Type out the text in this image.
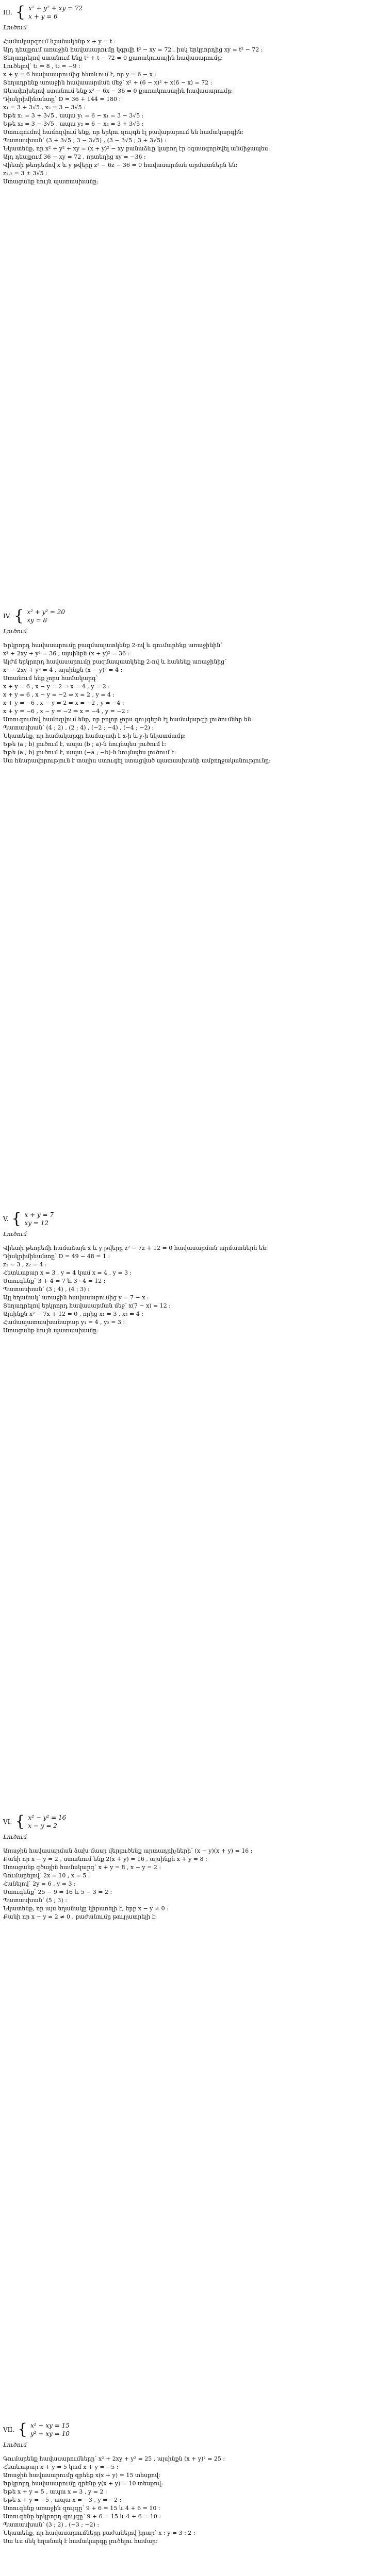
III. { x² + y² + xy = 72
x + y = 6

Լուծում

Համակարգում նշանակենք x + y = t ։

Այդ դեպքում առաջին հավասարումը կգրվի t² − xy = 72 , իսկ երկրորդից xy = t² − 72 ։

Տեղադրելով ստանում ենք t² + t − 72 = 0 քառակուսային հավասարումը։

Լուծելով՝ t₁ = 8 , t₂ = −9 ։

x + y = 6 հավասարումից հետևում է, որ y = 6 − x ։

Տեղադրենք առաջին հավասարման մեջ՝ x² + (6 − x)² + x(6 − x) = 72 ։

Ձևափոխելով ստանում ենք x² − 6x − 36 = 0 քառակուսային հավասարումը։

Դիսկրիմինանտը՝ D = 36 + 144 = 180 ։

x₁ = 3 + 3√5 , x₂ = 3 − 3√5 ։

Եթե x₁ = 3 + 3√5 , ապա y₁ = 6 − x₁ = 3 − 3√5 ։

Եթե x₂ = 3 − 3√5 , ապա y₂ = 6 − x₂ = 3 + 3√5 ։

Ստուգումով համոզվում ենք, որ երկու զույգն էլ բավարարում են համակարգին։

Պատասխան՝ (3 + 3√5 ; 3 − 3√5) , (3 − 3√5 ; 3 + 3√5) ։

Նկատենք, որ x² + y² + xy = (x + y)² − xy բանաձևը կարող էր օգտագործվել անմիջապես։

Այդ դեպքում 36 − xy = 72 , որտեղից xy = −36 ։

Վիետի թեորեմով x և y թվերը z² − 6z − 36 = 0 հավասարման արմատներն են։

z₁,₂ = 3 ± 3√5 ։

Ստացանք նույն պատասխանը։

IV. { x² + y² = 20
xy = 8

Լուծում

Երկրորդ հավասարումը բազմապատկենք 2-ով և գումարենք առաջինին՝

x² + 2xy + y² = 36 , այսինքն (x + y)² = 36 ։

Այժմ երկրորդ հավասարումը բազմապատկենք 2-ով և հանենք առաջինից՝

x² − 2xy + y² = 4 , այսինքն (x − y)² = 4 ։

Ստանում ենք չորս համակարգ՝

x + y = 6 , x − y = 2 ⇒ x = 4 , y = 2 ։

x + y = 6 , x − y = −2 ⇒ x = 2 , y = 4 ։

x + y = −6 , x − y = 2 ⇒ x = −2 , y = −4 ։

x + y = −6 , x − y = −2 ⇒ x = −4 , y = −2 ։

Ստուգումով համոզվում ենք, որ բոլոր չորս զույգերն էլ համակարգի լուծումներ են։

Պատասխան՝ (4 ; 2) , (2 ; 4) , (−2 ; −4) , (−4 ; −2) ։

Նկատենք, որ համակարգը համաչափ է x-ի և y-ի նկատմամբ։

Եթե (a ; b) լուծում է, ապա (b ; a)-ն նույնպես լուծում է։

Եթե (a ; b) լուծում է, ապա (−a ; −b)-ն նույնպես լուծում է։

Սա հնարավորություն է տալիս ստուգել ստացված պատասխանի ամբողջականությունը։

V. { x + y = 7
xy = 12

Լուծում

Վիետի թեորեմի համաձայն x և y թվերը z² − 7z + 12 = 0 հավասարման արմատներն են։

Դիսկրիմինանտը՝ D = 49 − 48 = 1 ։

z₁ = 3 , z₂ = 4 ։

Հետևաբար x = 3 , y = 4 կամ x = 4 , y = 3 ։

Ստուգենք՝ 3 + 4 = 7 և 3 · 4 = 12 ։

Պատասխան՝ (3 ; 4) , (4 ; 3) ։

Այլ եղանակ՝ առաջին հավասարումից y = 7 − x ։

Տեղադրելով երկրորդ հավասարման մեջ՝ x(7 − x) = 12 ։

Այսինքն x² − 7x + 12 = 0 , որից x₁ = 3 , x₂ = 4 ։

Համապատասխանաբար y₁ = 4 , y₂ = 3 ։

Ստացանք նույն պատասխանը։

VI. { x² − y² = 16
x − y = 2

Լուծում

Առաջին հավասարման ձախ մասը վերլուծենք արտադրիչների՝ (x − y)(x + y) = 16 ։

Քանի որ x − y = 2 , ստանում ենք 2(x + y) = 16 , այսինքն x + y = 8 ։

Ստացանք գծային համակարգ՝ x + y = 8 , x − y = 2 ։

Գումարելով՝ 2x = 10 , x = 5 ։

Հանելով՝ 2y = 6 , y = 3 ։

Ստուգենք՝ 25 − 9 = 16 և 5 − 3 = 2 ։

Պատասխան՝ (5 ; 3) ։

Նկատենք, որ այս եղանակը կիրառելի է, երբ x − y ≠ 0 ։

Քանի որ x − y = 2 ≠ 0 , բաժանումը թույլատրելի է։

VII. { x² + xy = 15
y² + xy = 10

Լուծում

Գումարենք հավասարումները՝ x² + 2xy + y² = 25 , այսինքն (x + y)² = 25 ։

Հետևաբար x + y = 5 կամ x + y = −5 ։

Առաջին հավասարումը գրենք x(x + y) = 15 տեսքով։

Երկրորդ հավասարումը գրենք y(x + y) = 10 տեսքով։

Եթե x + y = 5 , ապա x = 3 , y = 2 ։

Եթե x + y = −5 , ապա x = −3 , y = −2 ։

Ստուգենք առաջին զույգը՝ 9 + 6 = 15 և 4 + 6 = 10 ։

Ստուգենք երկրորդ զույգը՝ 9 + 6 = 15 և 4 + 6 = 10 ։

Պատասխան՝ (3 ; 2) , (−3 ; −2) ։

Նկատենք, որ հավասարումները բաժանելով իրար՝ x : y = 3 : 2 ։

Սա ևս մեկ եղանակ է համակարգը լուծելու համար։
